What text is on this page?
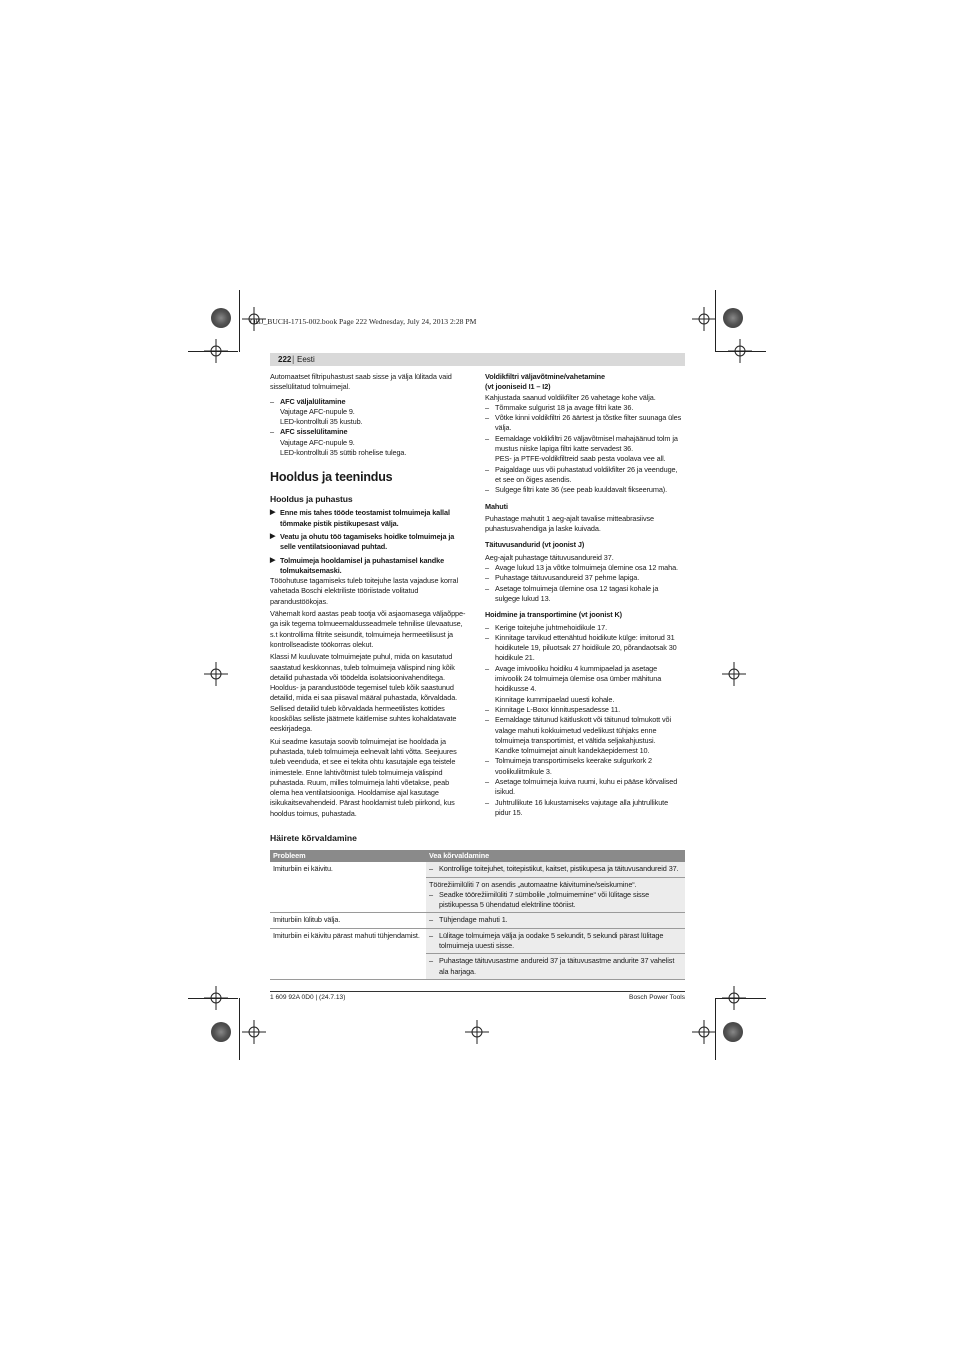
OBJ_BUCH-1715-002.book Page 222 Wednesday, July 24, 2013 2:28 PM
222 | Eesti

Automaatset filtripuhastust saab sisse ja välja lülitada vaid sisselülitatud tolmuimejal.

– AFC väljalülitamine

Vajutage AFC-nupule 9.

LED-kontrolltuli 35 kustub.

– AFC sisselülitamine

Vajutage AFC-nupule 9.

LED-kontrolltuli 35 süttib rohelise tulega.

Hooldus ja teenindus
Hooldus ja puhastus
▶ Enne mis tahes tööde teostamist tolmuimeja kallal tõmmake pistik pistikupesast välja.
▶ Veatu ja ohutu töö tagamiseks hoidke tolmuimeja ja selle ventilatsiooniavad puhtad.
▶ Tolmuimeja hooldamisel ja puhastamisel kandke tolmukaitsemaski.

Tööohutuse tagamiseks tuleb toitejuhe lasta vajaduse korral vahetada Boschi elektriliste tööriistade volitatud parandustöökojas.

Vähemalt kord aastas peab tootja või asjaomasega väljaõppe-ga isik tegema tolmueemaldusseadmele tehnilise ülevaatuse, s.t kontrollima filtrite seisundit, tolmuimeja hermeetilisust ja kontrollseadiste töökorras olekut.

Klassi M kuuluvate tolmuimejate puhul, mida on kasutatud saastatud keskkonnas, tuleb tolmuimeja välispind ning kõik detailid puhastada või töödelda isolatsioonivahenditega. Hooldus- ja parandustööde tegemisel tuleb kõik saastunud detailid, mida ei saa piisaval määral puhastada, kõrvaldada. Sellised detailid tuleb kõrvaldada hermeetilistes kottides kooskõlas selliste jäätmete käitlemise suhtes kohaldatavate eeskirjadega.

Kui seadme kasutaja soovib tolmuimejat ise hooldada ja puhastada, tuleb tolmuimeja eelnevalt lahti võtta. Seejuures tuleb veenduda, et see ei tekita ohtu kasutajale ega teistele inimestele. Enne lahtivõtmist tuleb tolmuimeja välispind puhastada. Ruum, milles tolmuimeja lahti võetakse, peab olema hea ventilatsiooniga. Hooldamise ajal kasutage isikukaitsevahendeid. Pärast hooldamist tuleb piirkond, kus hooldus toimus, puhastada.

Voldikfiltri väljavõtmine/vahetamine
(vt jooniseid I1 – I2)

Kahjustada saanud voldikfilter 26 vahetage kohe välja.

– Tõmmake sulgurist 18 ja avage filtri kate 36.
– Võtke kinni voldikfiltri 26 äärtest ja tõstke filter suunaga üles välja.
– Eemaldage voldikfiltri 26 väljavõtmisel mahajäänud tolm ja mustus niiske lapiga filtri katte servadest 36.
PES- ja PTFE-voldikfiltreid saab pesta voolava vee all.
– Paigaldage uus või puhastatud voldikfilter 26 ja veenduge, et see on õiges asendis.
– Sulgege filtri kate 36 (see peab kuuldavalt fikseeruma).
Mahuti

Puhastage mahutit 1 aeg-ajalt tavalise mitteabrasiivse puhastusvahendiga ja laske kuivada.

Täituvusandurid (vt joonist J)

Aeg-ajalt puhastage täituvusandureid 37.

– Avage lukud 13 ja võtke tolmuimeja ülemine osa 12 maha.
– Puhastage täituvusandureid 37 pehme lapiga.
– Asetage tolmuimeja ülemine osa 12 tagasi kohale ja sulgege lukud 13.
Hoidmine ja transportimine (vt joonist K)
– Kerige toitejuhe juhtmehoidikule 17.
– Kinnitage tarvikud ettenähtud hoidikute külge: imitorud 31 hoidikutele 19, piluotsak 27 hoidikule 20, põrandaotsak 30 hoidikule 21.
– Avage imivooliku hoidiku 4 kummipaelad ja asetage imivoolik 24 tolmuimeja ülemise osa ümber mähituna hoidikusse 4.
Kinnitage kummipaelad uuesti kohale.
– Kinnitage L-Boxx kinnituspesadesse 11.
– Eemaldage täitunud käitluskott või täitunud tolmukott või valage mahuti kokkuimetud vedelikust tühjaks enne tolmuimeja transportimist, et vältida seljakahjustusi.
Kandke tolmuimejat ainult kandekäepidemest 10.
– Tolmuimeja transportimiseks keerake sulgurkork 2 voolikuliitmikule 3.
– Asetage tolmuimeja kuiva ruumi, kuhu ei pääse kõrvalised isikud.
– Juhtrullikute 16 lukustamiseks vajutage alla juhtrullikute pidur 15.
Häirete kõrvaldamine
Probleem	Vea kõrvaldamine
Imiturbiin ei käivitu.	– Kontrollige toitejuhet, toitepistikut, kaitset, pistikupesa ja täituvusandureid 37.

	Töörežiimilüliti 7 on asendis „automaatne käivitumine/seiskumine“.
– Seadke töörežiimilüliti 7 sümbolile „tolmuimemine“ või lülitage sisse pistikupessa 5 ühendatud elektriline tööriist.

Imiturbiin lülitub välja.	– Tühjendage mahuti 1.

Imiturbiin ei käivitu pärast mahuti tühjendamist.	– Lülitage tolmuimeja välja ja oodake 5 sekundit, 5 sekundi pärast lülitage tolmuimeja uuesti sisse.

	– Puhastage täituvusastme andureid 37 ja täituvusastme andurite 37 vahelist ala harjaga.
1 609 92A 0D0 | (24.7.13)	Bosch Power Tools
